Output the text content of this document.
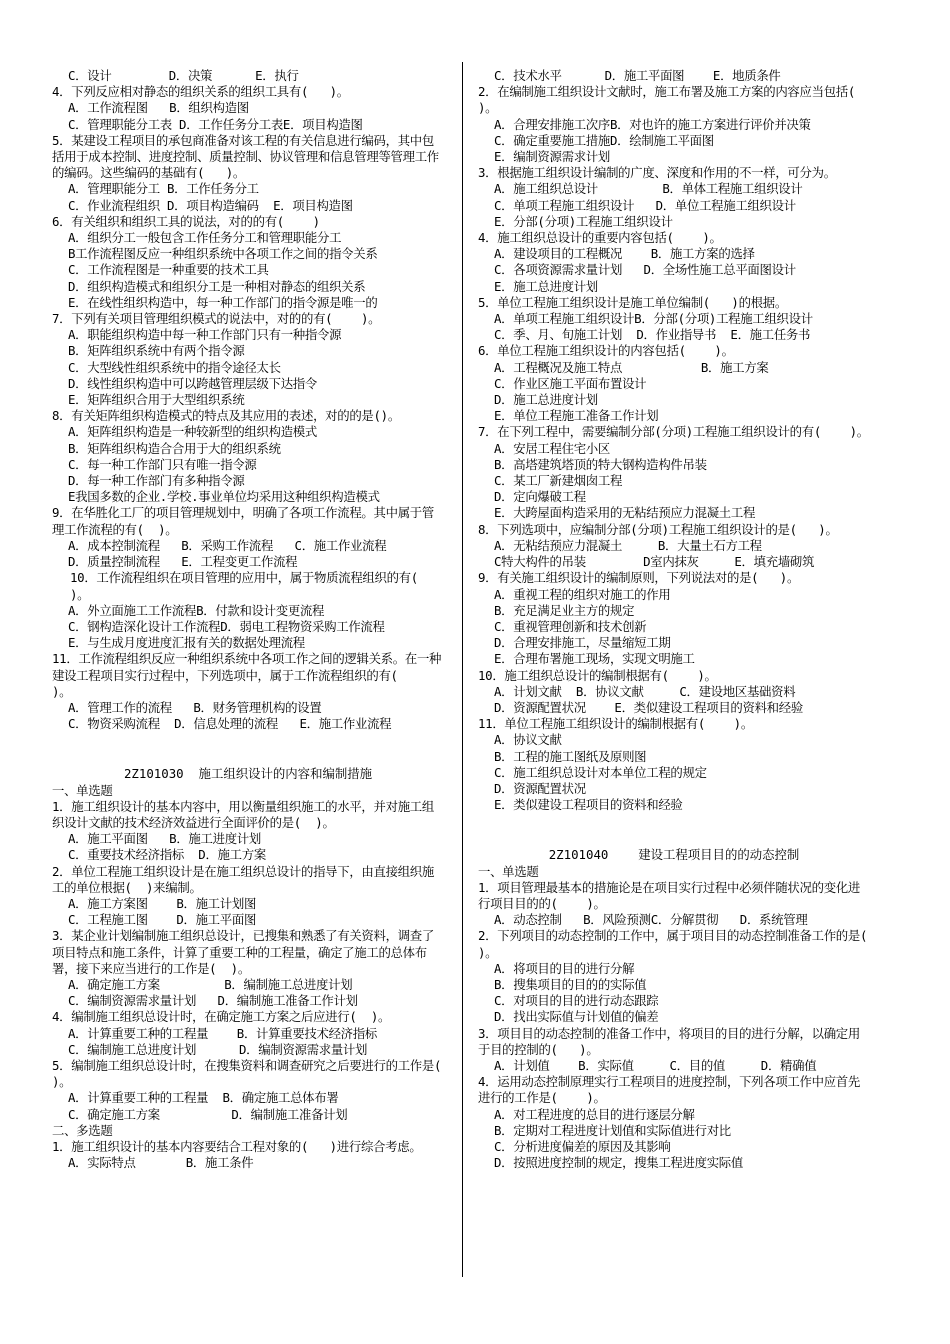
C．设计        D．决策      E．执行
4．下列反应相对静态的组织关系的组织工具有(   )。
A．工作流程图   B．组织构造图
C．管理职能分工表 D．工作任务分工表E．项目构造图
5．某建设工程项目的承包商准备对该工程的有关信息进行编码，其中包括用于成本控制、进度控制、质量控制、协议管理和信息管理等管理工作的编码。这些编码的基础有(   )。
A．管理职能分工 B．工作任务分工
C．作业流程组织 D．项目构造编码  E．项目构造图
6．有关组织和组织工具的说法，对的的有(    )
A．组织分工一般包含工作任务分工和管理职能分工
B工作流程图反应一种组织系统中各项工作之间的指令关系
C．工作流程图是一种重要的技术工具
D．组织构造模式和组织分工是一种相对静态的组织关系
E．在线性组织构造中，每一种工作部门的指令源是唯一的
7．下列有关项目管理组织模式的说法中，对的的有(    )。
A．职能组织构造中每一种工作部门只有一种指令源
B．矩阵组织系统中有两个指令源
C．大型线性组织系统中的指令途径太长
D．线性组织构造中可以跨越管理层级下达指令
E．矩阵组织合用于大型组织系统
8．有关矩阵组织构造模式的特点及其应用的表述，对的的是()。
A．矩阵组织构造是一种较新型的组织构造模式
B．矩阵组织构造合合用于大的组织系统
C．每一种工作部门只有唯一指令源
D．每一种工作部门有多种指令源
E我国多数的企业.学校.事业单位均采用这种组织构造模式
9．在华胜化工厂的项目管理规划中，明确了各项工作流程。其中属于管理工作流程的有(  )。
A．成本控制流程   B．采购工作流程   C．施工作业流程
D．质量控制流程   E．工程变更工作流程
10．工作流程组织在项目管理的应用中，属于物质流程组织的有(    )。
A．外立面施工工作流程B．付款和设计变更流程
C．钢构造深化设计工作流程D．弱电工程物资采购工作流程
E．与生成月度进度汇报有关的数据处理流程
11．工作流程组织反应一种组织系统中各项工作之间的逻辑关系。在一种建设工程项目实行过程中，下列选项中，属于工作流程组织的有(    )。
A．管理工作的流程   B．财务管理机构的设置
C．物资采购流程  D．信息处理的流程   E．施工作业流程
2Z101030  施工组织设计的内容和编制措施
一、单选题
1．施工组织设计的基本内容中，用以衡量组织施工的水平，并对施工组织设计文献的技术经济效益进行全面评价的是(  )。
A．施工平面图   B．施工进度计划
C．重要技术经济指标  D．施工方案
2．单位工程施工组织设计是在施工组织总设计的指导下，由直接组织施工的单位根据(  )来编制。
A．施工方案图    B．施工计划图
C．工程施工图    D．施工平面图
3．某企业计划编制施工组织总设计，已搜集和熟悉了有关资料，调查了项目特点和施工条件，计算了重要工种的工程量，确定了施工的总体布署，接下来应当进行的工作是(  )。
A．确定施工方案         B．编制施工总进度计划
C．编制资源需求量计划   D．编制施工准备工作计划
4．编制施工组织总设计时，在确定施工方案之后应进行(  )。
A．计算重要工种的工程量    B．计算重要技术经济指标
C．编制施工总进度计划      D．编制资源需求量计划
5．编制施工组织总设计时，在搜集资料和调查研究之后要进行的工作是(  )。
A．计算重要工种的工程量  B．确定施工总体布署
C．确定施工方案          D．编制施工准备计划
二、多选题
1．施工组织设计的基本内容要结合工程对象的(   )进行综合考虑。
A．实际特点       B．施工条件
C．技术水平      D．施工平面图    E．地质条件
2．在编制施工组织设计文献时，施工布署及施工方案的内容应当包括(   )。
A．合理安排施工次序B．对也许的施工方案进行评价并决策
C．确定重要施工措施D．绘制施工平面图
E．编制资源需求计划
3．根据施工组织设计编制的广度、深度和作用的不一样，可分为。
A．施工组织总设计         B．单体工程施工组织设计
C．单项工程施工组织设计   D．单位工程施工组织设计
E．分部(分项)工程施工组织设计
4．施工组织总设计的重要内容包括(    )。
A．建设项目的工程概况    B．施工方案的选择
C．各项资源需求量计划   D．全场性施工总平面图设计
E．施工总进度计划
5．单位工程施工组织设计是施工单位编制(   )的根据。
A．单项工程施工组织设计B．分部(分项)工程施工组织设计
C．季、月、旬施工计划  D．作业指导书  E．施工任务书
6．单位工程施工组织设计的内容包括(    )。
A．工程概况及施工特点           B．施工方案
C．作业区施工平面布置设计
D．施工总进度计划
E．单位工程施工准备工作计划
7．在下列工程中，需要编制分部(分项)工程施工组织设计的有(    )。
A．安居工程住宅小区
B．高塔建筑塔顶的特大钢构造构件吊装
C．某工厂新建烟囱工程
D．定向爆破工程
E．大跨屋面构造采用的无粘结预应力混凝土工程
8．下列选项中，应编制分部(分项)工程施工组织设计的是(   )。
A．无粘结预应力混凝土     B．大量土石方工程
C特大构件的吊装        D室内抹灰     E．填充墙砌筑
9．有关施工组织设计的编制原则，下列说法对的是(   )。
A．重视工程的组织对施工的作用
B．充足满足业主方的规定
C．重视管理创新和技术创新
D．合理安排施工，尽量缩短工期
E．合理布署施工现场，实现文明施工
10．施工组织总设计的编制根据有(    )。
A．计划文献  B．协议文献     C．建设地区基础资料
D．资源配置状况    E．类似建设工程项目的资料和经验
11．单位工程施工组织设计的编制根据有(    )。
A．协议文献
B．工程的施工图纸及原则图
C．施工组织总设计对本单位工程的规定
D．资源配置状况
E．类似建设工程项目的资料和经验
2Z101040    建设工程项目目的的动态控制
一、单选题
1．项目管理最基本的措施论是在项目实行过程中必须伴随状况的变化进行项目目的的(    )。
A．动态控制   B．风险预测C．分解贯彻   D．系统管理
2．下列项目的动态控制的工作中，属于项目目的动态控制准备工作的是(    )。
A．将项目的目的进行分解
B．搜集项目的目的的实际值
C．对项目的目的进行动态跟踪
D．找出实际值与计划值的偏差
3．项目目的动态控制的准备工作中，将项目的目的进行分解，以确定用于目的控制的(   )。
A．计划值    B．实际值     C．目的值     D．精确值
4．运用动态控制原理实行工程项目的进度控制，下列各项工作中应首先进行的工作是(    )。
A．对工程进度的总目的进行逐层分解
B．定期对工程进度计划值和实际值进行对比
C．分析进度偏差的原因及其影响
D．按照进度控制的规定，搜集工程进度实际值
